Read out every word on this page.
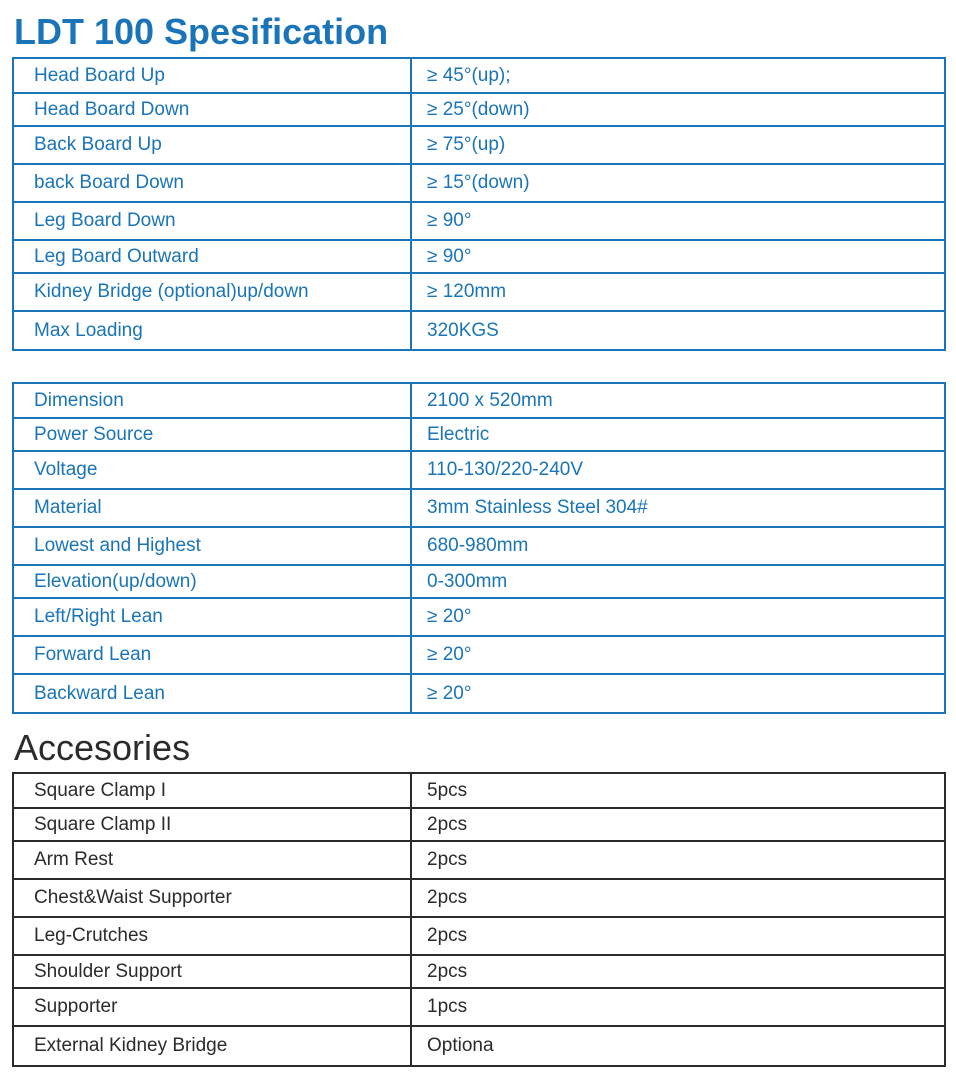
LDT 100 Spesification
Head Board Up	≥ 45°(up);
Head Board Down	≥ 25°(down)
Back Board Up	≥ 75°(up)
back Board Down	≥ 15°(down)
Leg Board Down	≥ 90°
Leg Board Outward	≥ 90°
Kidney Bridge (optional)up/down	≥ 120mm
Max Loading	320KGS
Dimension	2100 x 520mm
Power Source	Electric
Voltage	110-130/220-240V
Material	3mm Stainless Steel 304#
Lowest and Highest	680-980mm
Elevation(up/down)	0-300mm
Left/Right Lean	≥ 20°
Forward Lean	≥ 20°
Backward Lean	≥ 20°
Accesories
Square Clamp I	5pcs
Square Clamp II	2pcs
Arm Rest	2pcs
Chest&Waist Supporter	2pcs
Leg-Crutches	2pcs
Shoulder Support	2pcs
Supporter	1pcs
External Kidney Bridge	Optiona
